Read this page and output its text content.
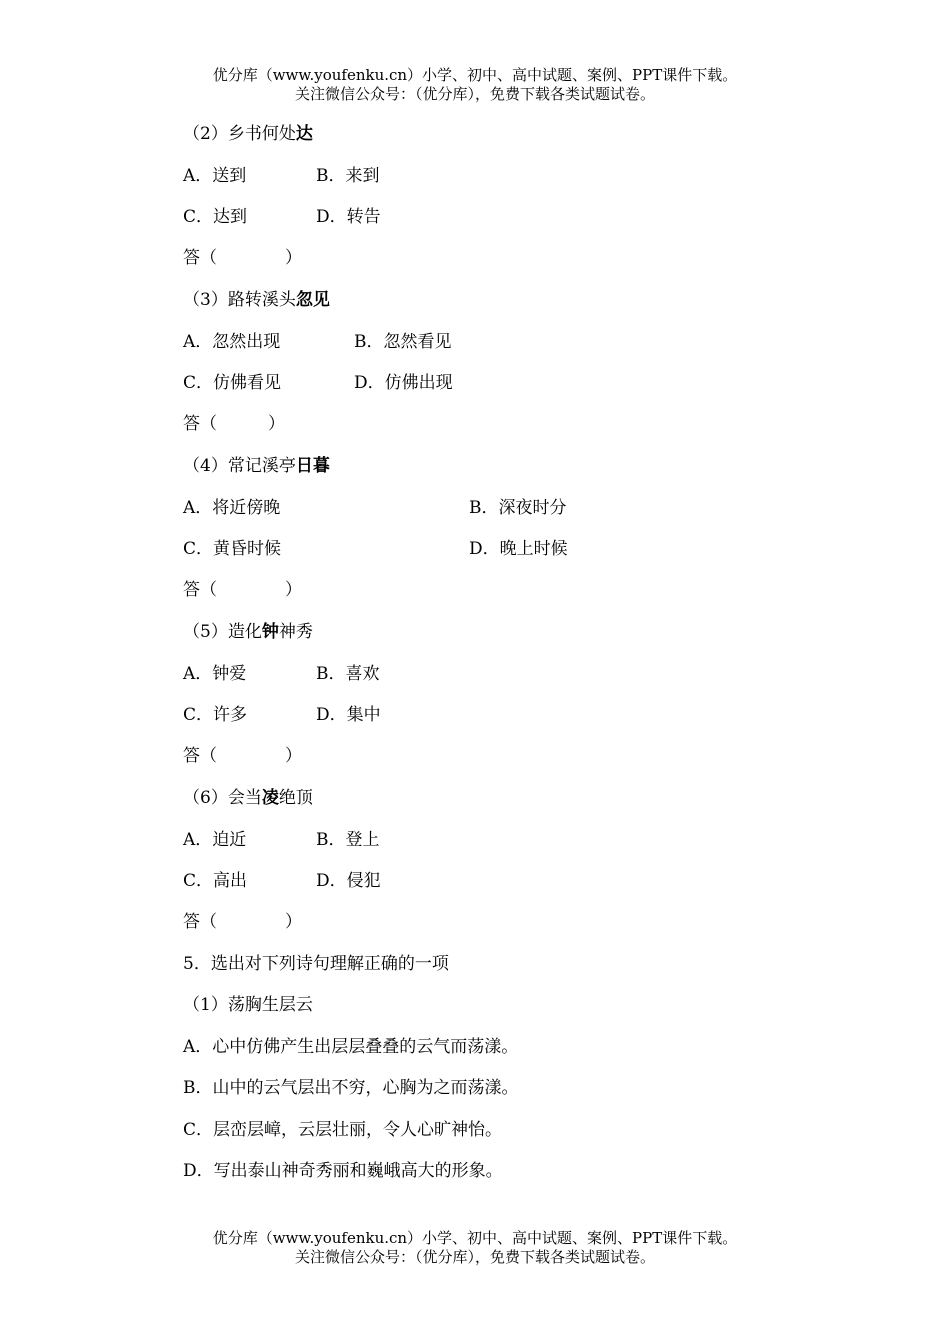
优分库（www.youfenku.cn）小学、初中、高中试题、案例、PPT课件下载。
关注微信公众号：（优分库），免费下载各类试题试卷。
（2）乡书何处达
A．送到	B．来到
C．达到	D．转告
答（　　　　）
（3）路转溪头忽见
A．忽然出现	B．忽然看见
C．仿佛看见	D．仿佛出现
答（　　　）
（4）常记溪亭日暮
A．将近傍晚	B．深夜时分
C．黄昏时候	D．晚上时候
答（　　　　）
（5）造化钟神秀
A．钟爱	B．喜欢
C．许多	D．集中
答（　　　　）
（6）会当凌绝顶
A．迫近	B．登上
C．高出	D．侵犯
答（　　　　）
5．选出对下列诗句理解正确的一项
（1）荡胸生层云
A．心中仿佛产生出层层叠叠的云气而荡漾。
B．山中的云气层出不穷，心胸为之而荡漾。
C．层峦层嶂，云层壮丽，令人心旷神怡。
D．写出泰山神奇秀丽和巍峨高大的形象。
优分库（www.youfenku.cn）小学、初中、高中试题、案例、PPT课件下载。
关注微信公众号：（优分库），免费下载各类试题试卷。
